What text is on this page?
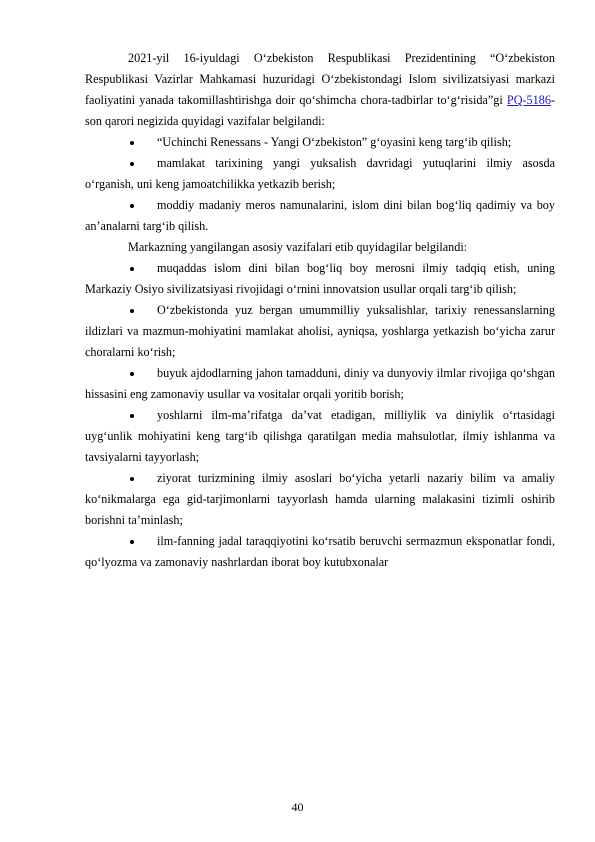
2021-yil 16-iyuldagi O‘zbekiston Respublikasi Prezidentining “O‘zbekiston Respublikasi Vazirlar Mahkamasi huzuridagi O‘zbekistondagi Islom sivilizatsiyasi markazi faoliyatini yanada takomillashtirishga doir qo‘shimcha chora-tadbirlar to‘g‘risida”gi PQ-5186-son qarori negizida quyidagi vazifalar belgilandi:

“Uchinchi Renessans - Yangi O‘zbekiston” g‘oyasini keng targ‘ib qilish;

mamlakat tarixining yangi yuksalish davridagi yutuqlarini ilmiy asosda o‘rganish, uni keng jamoatchilikka yetkazib berish;

moddiy madaniy meros namunalarini, islom dini bilan bog‘liq qadimiy va boy an’analarni targ‘ib qilish.

Markazning yangilangan asosiy vazifalari etib quyidagilar belgilandi:

muqaddas islom dini bilan bog‘liq boy merosni ilmiy tadqiq etish, uning Markaziy Osiyo sivilizatsiyasi rivojidagi o‘rnini innovatsion usullar orqali targ‘ib qilish;

O‘zbekistonda yuz bergan umummilliy yuksalishlar, tarixiy renessanslarning ildizlari va mazmun-mohiyatini mamlakat aholisi, ayniqsa, yoshlarga yetkazish bo‘yicha zarur choralarni ko‘rish;

buyuk ajdodlarning jahon tamadduni, diniy va dunyoviy ilmlar rivojiga qo‘shgan hissasini eng zamonaviy usullar va vositalar orqali yoritib borish;

yoshlarni ilm-ma’rifatga da’vat etadigan, milliylik va diniylik o‘rtasidagi uyg‘unlik mohiyatini keng targ‘ib qilishga qaratilgan media mahsulotlar, ilmiy ishlanma va tavsiyalarni tayyorlash;

ziyorat turizmining ilmiy asoslari bo‘yicha yetarli nazariy bilim va amaliy ko‘nikmalarga ega gid-tarjimonlarni tayyorlash hamda ularning malakasini tizimli oshirib borishni ta’minlash;

ilm-fanning jadal taraqqiyotini ko‘rsatib beruvchi sermazmun eksponatlar fondi, qo‘lyozma va zamonaviy nashrlardan iborat boy kutubxonalar

40
